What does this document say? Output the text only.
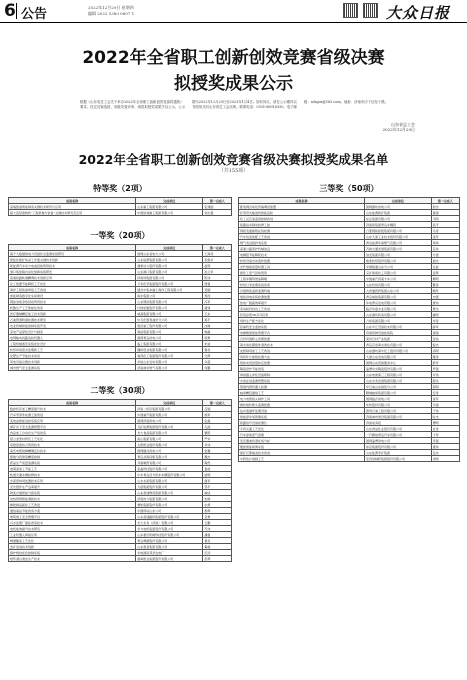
6 公告	2022年12月29日 星期四
编辑 2022 5380 0607 1	大众日报
2022年全省职工创新创效竞赛省级决赛
拟授奖成果公示
根据《山东省总工会关于举办2022年全省职工创新创效竞赛的通知》要求，经过初赛选拔、省级决赛评审，现将拟授奖成果予以公示。公示期为2022年12月29日至2023年1月4日。如有异议，请在公示期内以书面形式向山东省总工会反映。联系电话：0531-86916350。电子邮箱：sdzgcx@163.com。地址：济南市历下区经十路。
山东省总工会
2022年12月29日
2022年全省职工创新创效竞赛省级决赛拟授奖成果名单
（共155项）
特等奖（2项）
成果名称	完成单位	第一完成人
高端装备智能制造关键技术研究与应用	山东重工集团有限公司	张建国
超大直径盾构机“工程机械与装备”关键技术研究及应用	中国铁建重工集团有限公司	刘志强
一等奖（20项）
成果名称	完成单位	第一完成人
基于大数据的电力设备状态监测系统研究	国网山东省电力公司	王海涛
智能化煤矿综采工作面关键技术创新	山东能源集团有限公司	李振华
新能源汽车动力电池回收利用技术	潍柴动力股份有限公司	赵明
港口集装箱自动化装卸系统研发	山东港口集团有限公司	孙立军
高速铁路轨道精调技术创新应用	济南局集团有限公司	陈伟
化工装置节能降耗工艺优化	万华化学集团股份有限公司	周强
海洋工程装备焊接工艺改进	烟台中集来福士海洋工程有限公司	吴刚
智能制造数字化车间建设	海尔集团公司	郑涛
钢铁冶炼余热回收利用技术	山东钢铁集团有限公司	冯军
轮胎生产工艺智能化改造	玲珑轮胎股份有限公司	褚建
医疗器械精密加工技术创新	威高集团有限公司	卫东
石油管道防腐检测技术研究	中石化胜利油田分公司	蒋平
农业机械智能控制系统开发	雷沃重工股份有限公司	沈峰
家电产品绿色设计与制造	海信集团有限公司	韩磊
电网输电线路巡检机器人	国网青岛供电公司	杨勇
工程机械液压系统优化设计	临工集团有限公司	朱斌
纺织印染废水处理新工艺	魏桥创业集团有限公司	秦亮
化肥生产节能技术改造	鲁西化工集团股份有限公司	尤辉
风电设备运维技术创新	华能山东发电有限公司	许超
城市燃气安全监测系统	济南港华燃气有限公司	何鹏
二等奖（30项）
成果名称	完成单位	第一完成人
数控机床加工精度提升技术	济南二机床集团有限公司	吕刚
汽车零部件检测工装改进	中国重汽集团有限公司	施军
变电站智能巡检系统应用	国网济南供电公司	张磊
煤矿井下安全监测预警平台	兖矿能源集团股份有限公司	孔波
食品加工自动化生产线改造	龙大食品集团有限公司	曹阳
铝合金型材挤压工艺优化	南山集团有限公司	严华
造纸废液综合利用技术	太阳纸业股份有限公司	华伟
高压电缆故障精确定位技术	国网烟台供电公司	金鑫
船舶分段建造精度控制	青岛北海造船有限公司	魏杰
药品生产质量追溯系统	齐鲁制药有限公司	陶然
玻璃深加工节能工艺	金晶科技股份有限公司	姜波
轨道交通车辆检修技术	中车青岛四方机车车辆股份有限公司	戚明
水泥窑协同处置技术应用	山水水泥集团有限公司	谢军
光伏组件生产良率提升	力诺集团股份有限公司	邹平
物流仓储智能分拣系统	山东高速物流集团有限公司	喻成
供热管网智能调控技术	济南热力集团有限公司	柏林
橡胶制品硫化工艺改进	赛轮集团股份有限公司	水源
通信基站节能改造方案	中国移动山东公司	窦辉
建筑施工安全管理平台	山东高速路桥集团股份有限公司	章勇
污水处理厂提标改造技术	光大水务（济南）有限公司	云鹏
电机能效提升技术研究	华力电机集团股份有限公司	苏伟
工业机器人焊接应用	山东豪迈机械科技股份有限公司	潘强
啤酒酿造工艺优化	青岛啤酒股份有限公司	葛亮
金矿选冶技术创新	山东黄金集团有限公司	奚峰
锅炉燃烧优化控制系统	华电国际邹县发电厂	范涛
纸浆漂白清洁生产技术	晨鸣纸业集团股份有限公司	彭辉
三等奖（50项）
成果名称	完成单位	第一完成人
配电网自动化终端调试装置	国网潍坊供电公司	郎杰
矿用带式输送机智能巡检	山东能源新矿集团	鲁强
化工反应釜温度控制改进	东岳集团有限公司	韦明
铁路货车制动检修工装	济南局集团青岛车辆段	昌平
钢板表面缺陷在线检测	日照钢铁控股集团有限公司	马涛
汽车线束装配工艺改进	山东天润工业技术股份有限公司	苗军
燃气表远程抄表系统	青岛能源华润燃气有限公司	凤鸣
高速公路养护机械改良	齐鲁交通发展集团有限公司	花伟
电解铝节能降耗技术	信发集团有限公司	方强
纺织设备自动落纱装置	鲁泰纺织股份有限公司	俞杰
光纤熔接质量检测工具	中国联通山东分公司	任波
煤化工废气回收利用	兖矿鲁南化工有限公司	袁辉
工程车辆驾驶室降噪	中国重汽济南卡车公司	柳明
机场行李处理系统改造	山东机场有限公司	酆涛
冷链物流温控监测终端	九州通医药集团山东公司	鲍军
地铁供电系统检测装置	青岛地铁集团有限公司	史强
热电厂脱硫效率提升	华电青岛发电有限公司	唐伟
家具板材封边工艺改进	临沂华盛木业有限公司	费杰
铸造砂型3D打印应用	山东潍坊铸造有限公司	廉明
饲料生产配方优化	六和集团有限公司	岑涛
起重机安全监控系统	山东丰汇设备技术有限公司	薛军
电梯维保智能管理平台	济南特种设备检验院	雷强
石材切割粉尘治理装置	莱州石材产业集团	贺伟
海水淡化膜组件清洗技术	青岛百发海水淡化有限公司	倪杰
农药制剂加工工艺改进	山东潍坊润丰化工股份有限公司	汤明
风机叶片缺陷检测方法	大唐山东发电有限公司	滕涛
智能电表批量检定装置	国网山东营销服务中心	殷军
陶瓷窑炉节能改造	淄博华光陶瓷股份有限公司	罗强
焊接烟尘净化设备研制	山东电建第三工程有限公司	毕伟
水质在线监测预警系统	山东水务发展集团有限公司	郝杰
管道内壁机器人检测	中石油山东销售分公司	邬明
轴承精密磨削工艺	聊城轴承集团有限公司	安涛
电力电缆接头制作工具	国网临沂供电公司	常军
棉纺细纱断头监测装置	华纺股份有限公司	乐强
钻井液循环处理设备	胜利石油工程有限公司	于伟
智能停车场管理系统	济南城市建设集团有限公司	时杰
铁路信号设备检测仪	济南电务段	傅明
牛奶灭菌工艺优化	山东得益乳业股份有限公司	皮涛
汽车涂装废气治理	一汽解放青岛汽车有限公司	卞军
变压器油色谱在线分析	国网淄博供电公司	齐强
服装智能裁剪系统	如意集团股份有限公司	康伟
煤矿瓦斯抽采技术改进	山东能源枣矿集团	伍杰
中药饮片炮制工艺	宏济堂制药集团股份有限公司	余明
